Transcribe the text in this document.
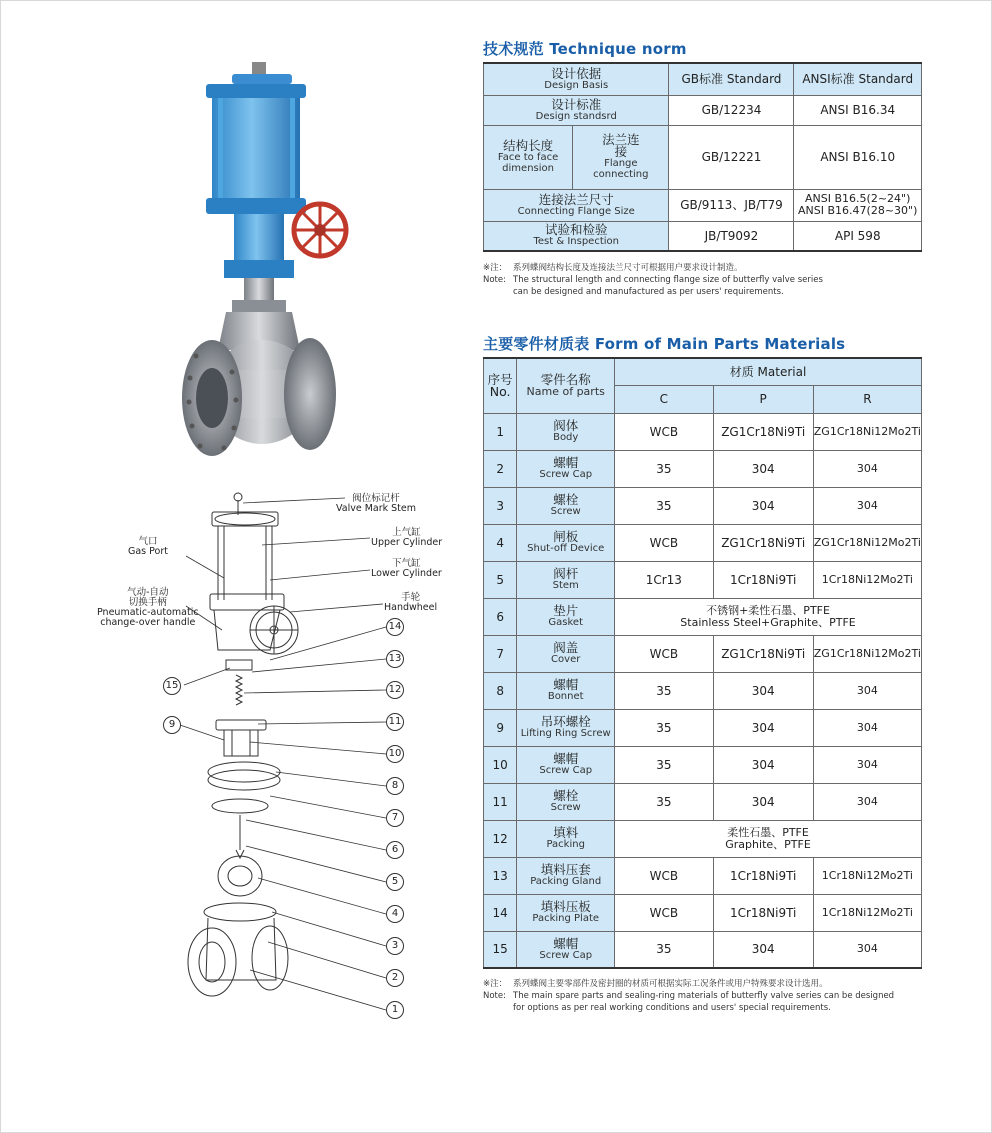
阀位标记杆
Valve Mark Stem
上气缸
Upper Cylinder
下气缸
Lower Cylinder
手轮
Handwheel
气口
Gas Port
气动-自动
切换手柄
Pneumatic-automatic
change-over handle	14
13
12
11
10
8
7
6
5
4
3
2
1
15
9
技术规范 Technique norm
设计依据
Design Basis		GB标准 Standard	ANSI标准 Standard

设计标准
Design standsrd		GB/12234	ANSI B16.34

结构长度
Face to face dimension	法兰连接
Flange connecting	GB/12221	ANSI B16.10

连接法兰尺寸
Connecting Flange Size		GB/9113、JB/T79	ANSI B16.5(2~24")
ANSI B16.47(28~30")

试验和检验
Test & Inspection		JB/T9092	API 598
※注： 系列蝶阀结构长度及连接法兰尺寸可根据用户要求设计制造。
Note: The structural length and connecting flange size of butterfly valve series
can be designed and manufactured as per users' requirements.
主要零件材质表 Form of Main Parts Materials
序号
No.	零件名称
Name of parts	材质 Material		
		C	P	R
1	阀体
Body	WCB	ZG1Cr18Ni9Ti	ZG1Cr18Ni12Mo2Ti
2	螺帽
Screw Cap	35	304	304
3	螺栓
Screw	35	304	304
4	闸板
Shut-off Device	WCB	ZG1Cr18Ni9Ti	ZG1Cr18Ni12Mo2Ti
5	阀杆
Stem	1Cr13	1Cr18Ni9Ti	1Cr18Ni12Mo2Ti
6	垫片
Gasket	不锈钢+柔性石墨、PTFE
Stainless Steel+Graphite、PTFE		

7	阀盖
Cover	WCB	ZG1Cr18Ni9Ti	ZG1Cr18Ni12Mo2Ti
8	螺帽
Bonnet	35	304	304
9	吊环螺栓
Lifting Ring Screw	35	304	304
10	螺帽
Screw Cap	35	304	304
11	螺栓
Screw	35	304	304
12	填料
Packing	柔性石墨、PTFE
Graphite、PTFE		

13	填料压套
Packing Gland	WCB	1Cr18Ni9Ti	1Cr18Ni12Mo2Ti
14	填料压板
Packing Plate	WCB	1Cr18Ni9Ti	1Cr18Ni12Mo2Ti
15	螺帽
Screw Cap	35	304	304
※注： 系列蝶阀主要零部件及密封圈的材质可根据实际工况条件或用户特殊要求设计选用。
Note: The main spare parts and sealing-ring materials of butterfly valve series can be designed
for options as per real working conditions and users' special requirements.
